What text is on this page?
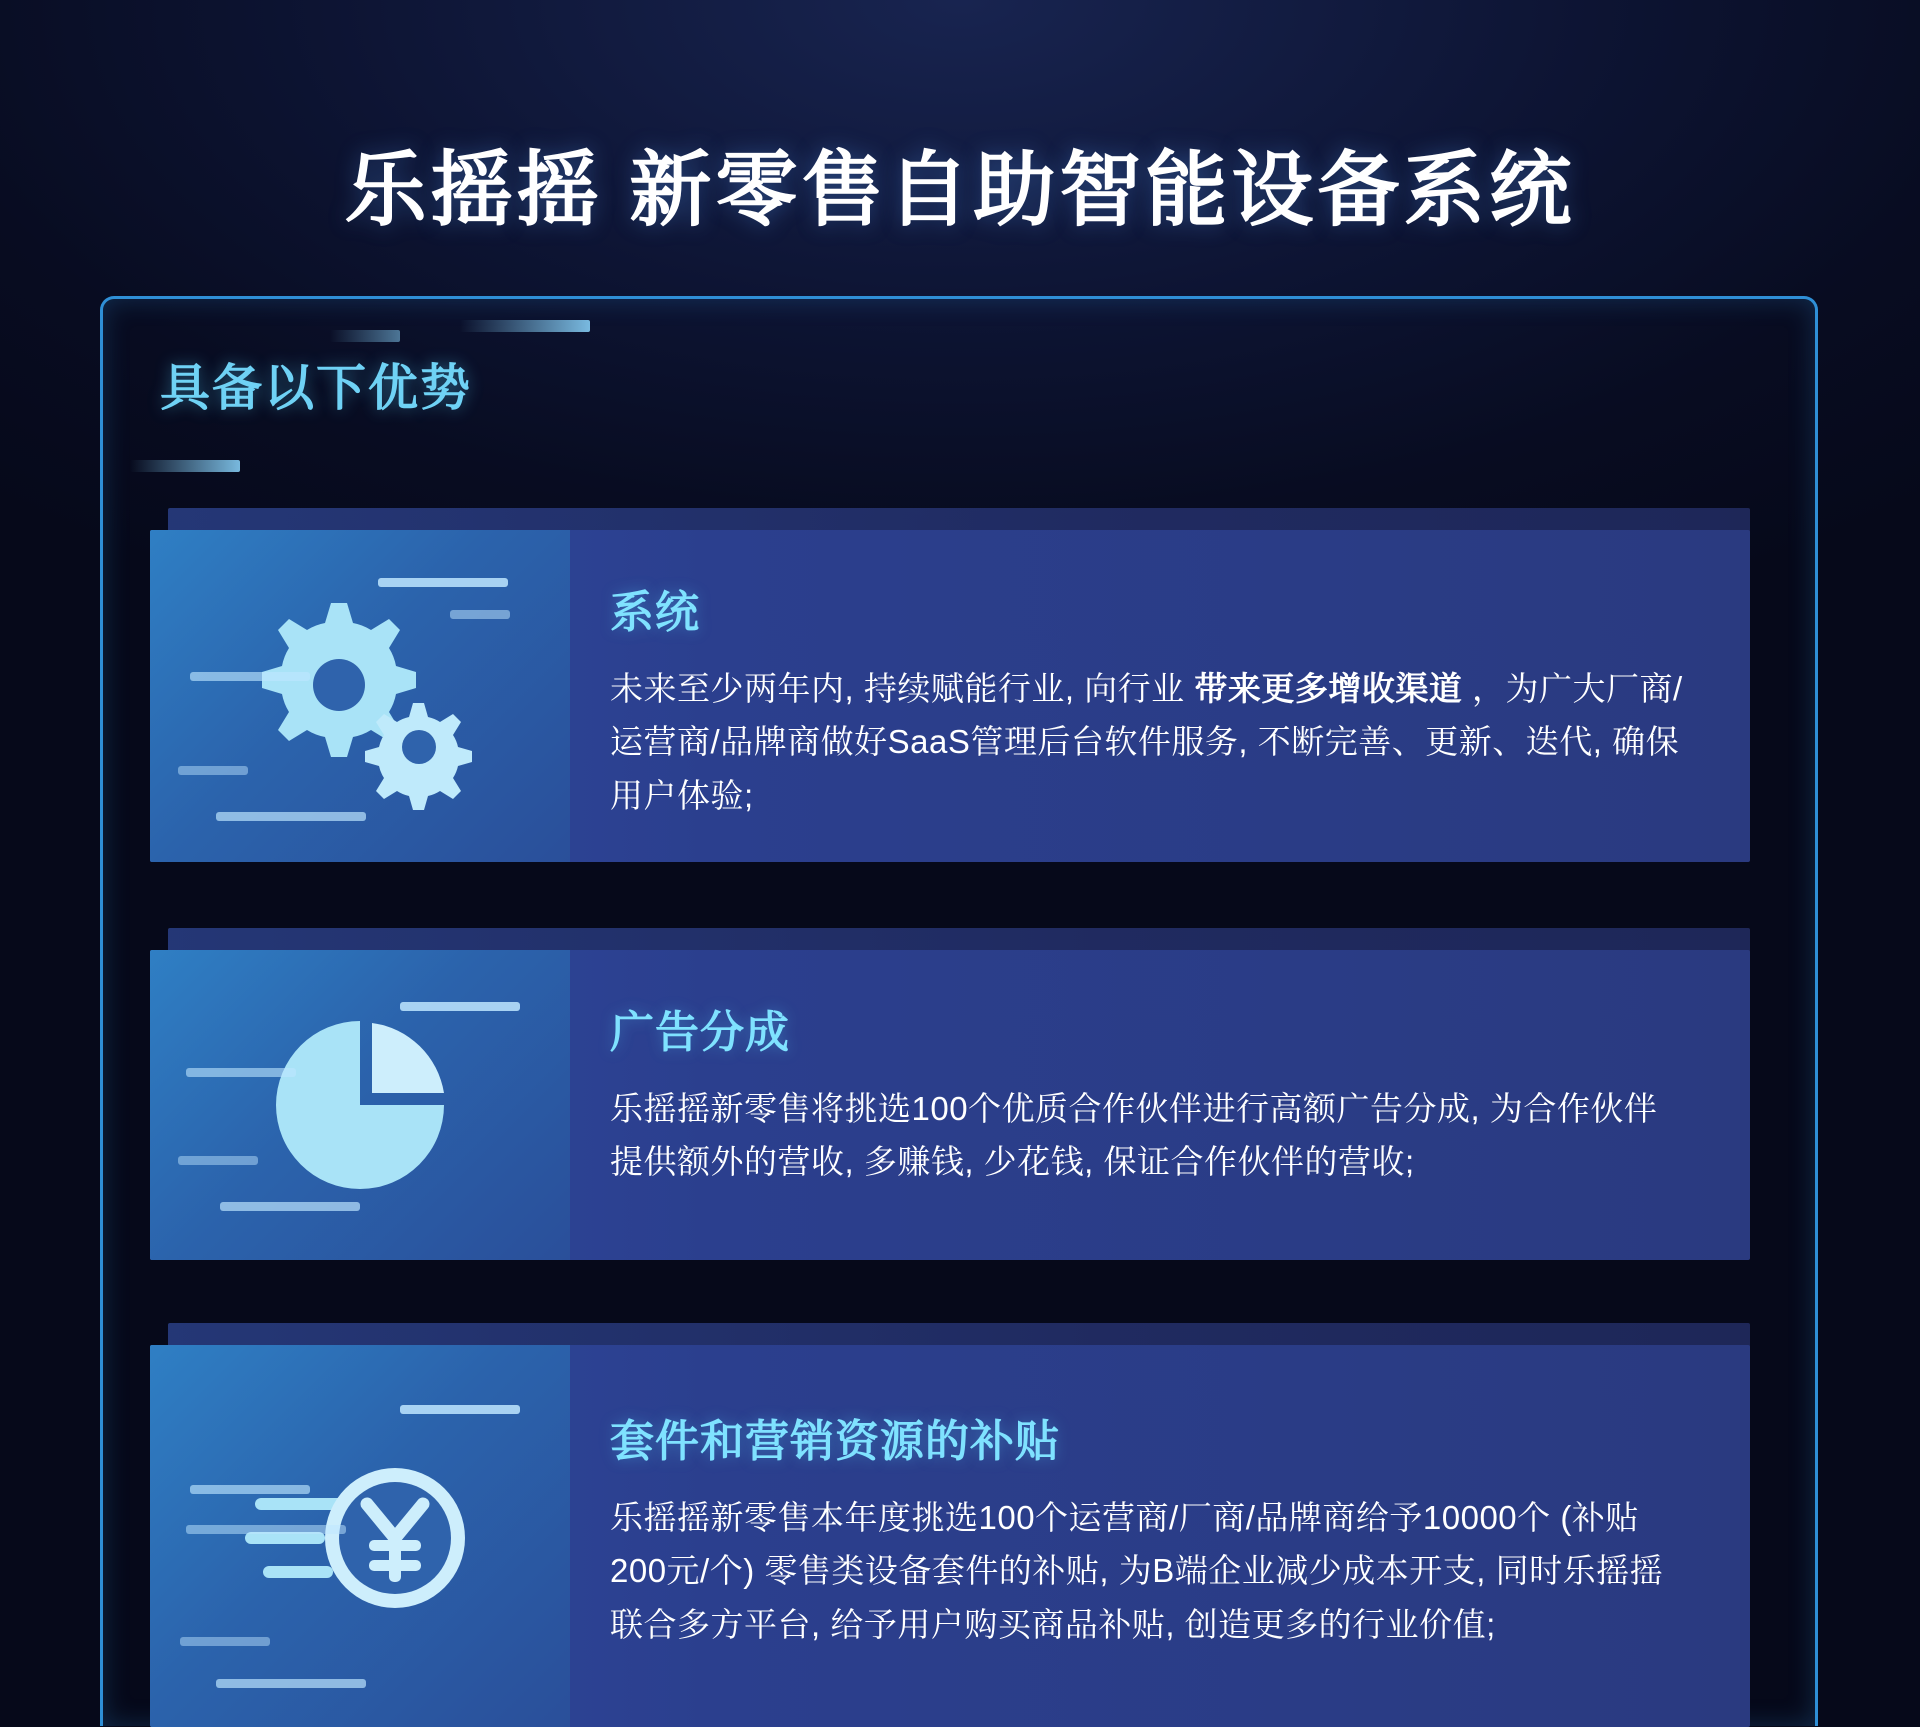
乐摇摇 新零售自助智能设备系统
具备以下优势
系统
未来至少两年内, 持续赋能行业, 向行业 带来更多增收渠道 ，为广大厂商/运营商/品牌商做好SaaS管理后台软件服务, 不断完善、更新、迭代, 确保用户体验;
广告分成
乐摇摇新零售将挑选100个优质合作伙伴进行高额广告分成, 为合作伙伴提供额外的营收, 多赚钱, 少花钱, 保证合作伙伴的营收;
套件和营销资源的补贴
乐摇摇新零售本年度挑选100个运营商/厂商/品牌商给予10000个 (补贴200元/个) 零售类设备套件的补贴, 为B端企业减少成本开支, 同时乐摇摇联合多方平台, 给予用户购买商品补贴, 创造更多的行业价值;
